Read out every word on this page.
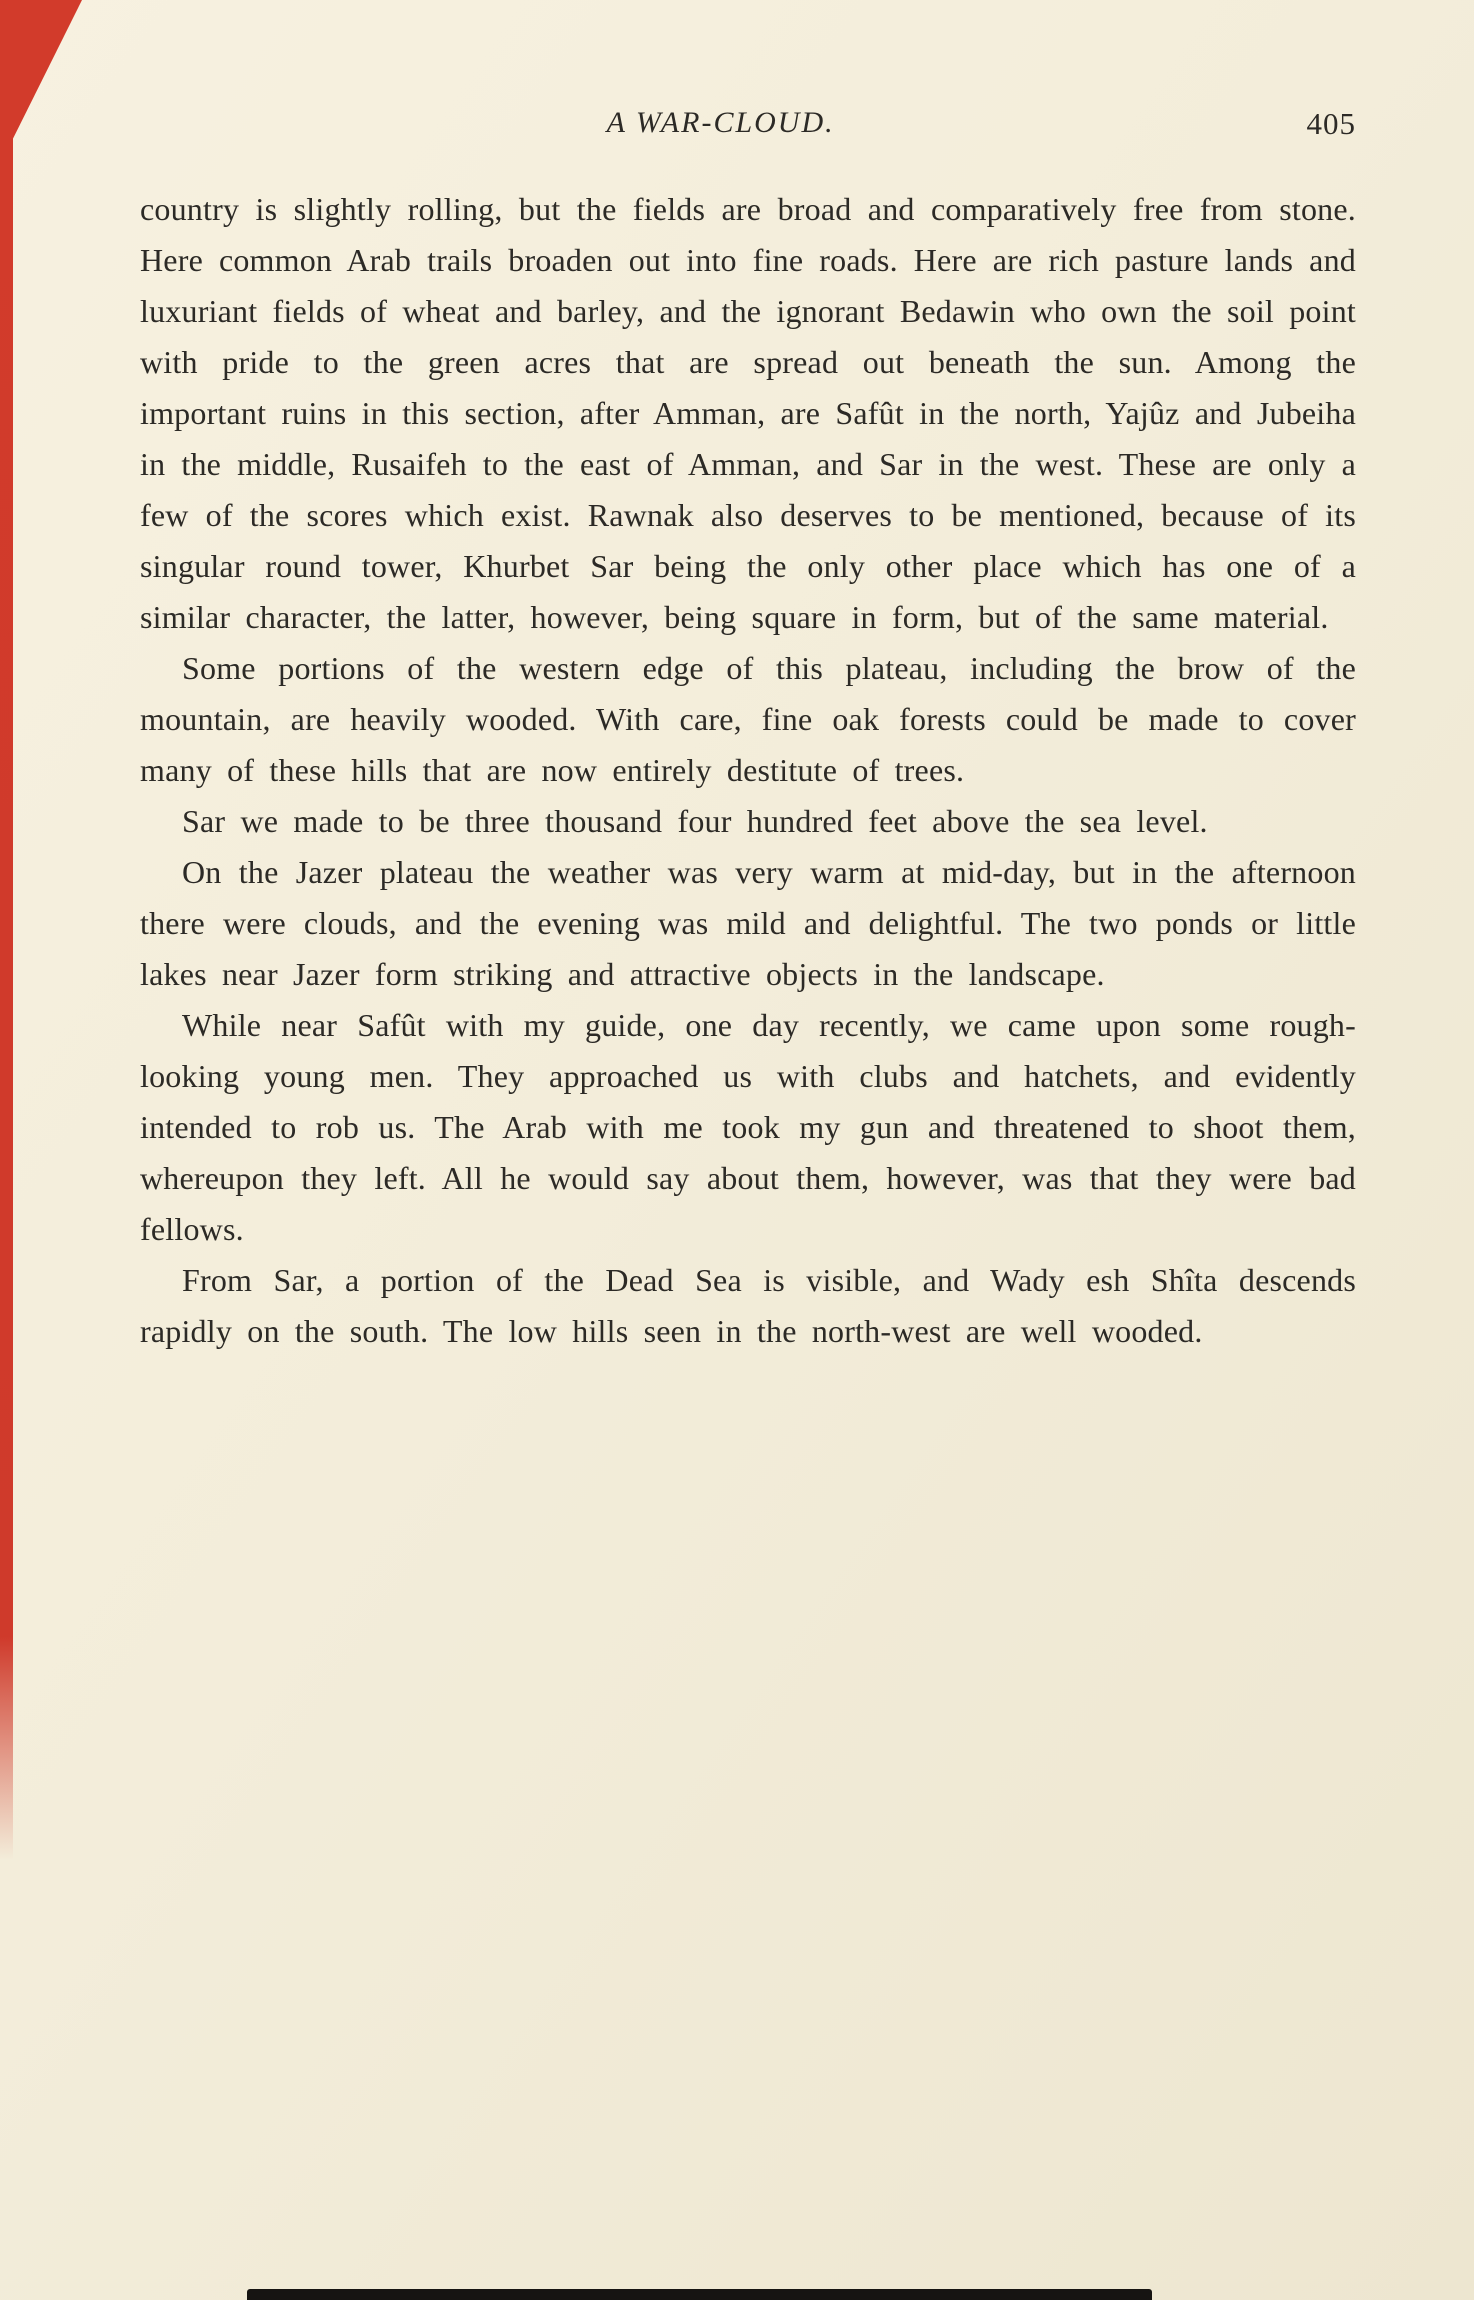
A WAR-CLOUD.	405

country is slightly rolling, but the fields are broad and comparatively free from stone. Here common Arab trails broaden out into fine roads. Here are rich pasture lands and luxuriant fields of wheat and barley, and the ignorant Bedawin who own the soil point with pride to the green acres that are spread out beneath the sun. Among the important ruins in this section, after Amman, are Safût in the north, Yajûz and Jubeiha in the middle, Rusaifeh to the east of Amman, and Sar in the west. These are only a few of the scores which exist. Rawnak also deserves to be mentioned, because of its singular round tower, Khurbet Sar being the only other place which has one of a similar character, the latter, however, being square in form, but of the same material.

Some portions of the western edge of this plateau, including the brow of the mountain, are heavily wooded. With care, fine oak forests could be made to cover many of these hills that are now entirely destitute of trees.

Sar we made to be three thousand four hundred feet above the sea level.

On the Jazer plateau the weather was very warm at mid-day, but in the afternoon there were clouds, and the evening was mild and delightful. The two ponds or little lakes near Jazer form striking and attractive objects in the landscape.

While near Safût with my guide, one day recently, we came upon some rough-looking young men. They approached us with clubs and hatchets, and evidently intended to rob us. The Arab with me took my gun and threatened to shoot them, whereupon they left. All he would say about them, however, was that they were bad fellows.

From Sar, a portion of the Dead Sea is visible, and Wady esh Shîta descends rapidly on the south. The low hills seen in the north-west are well wooded.
